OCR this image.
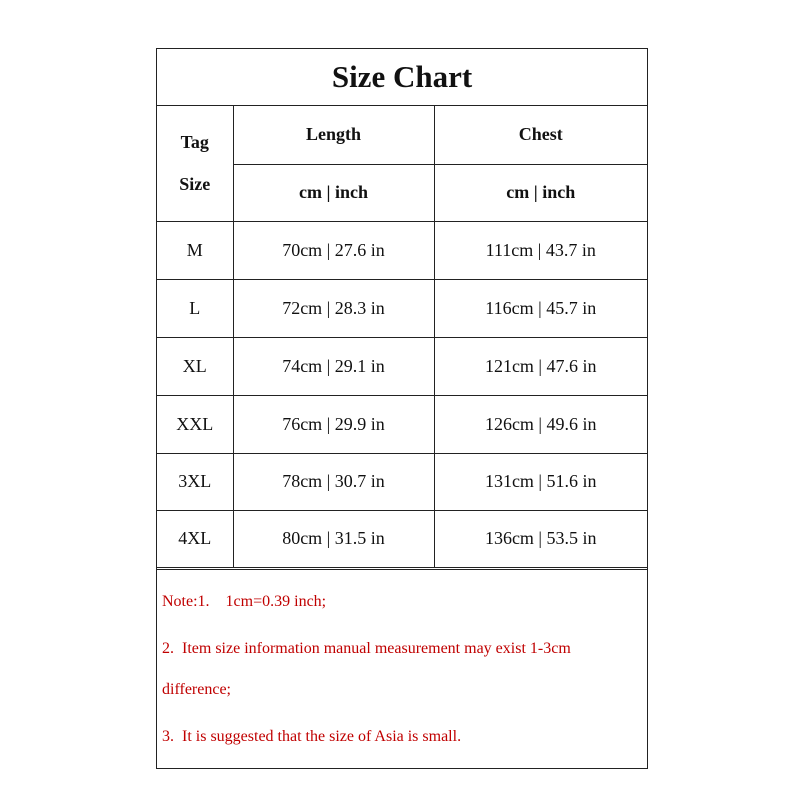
Size Chart
Tag
Size	Length	Chest
	cm | inch	cm | inch
M	70cm | 27.6 in	111cm | 43.7 in
L	72cm | 28.3 in	116cm | 45.7 in
XL	74cm | 29.1 in	121cm | 47.6 in
XXL	76cm | 29.9 in	126cm | 49.6 in
3XL	78cm | 30.7 in	131cm | 51.6 in
4XL	80cm | 31.5 in	136cm | 53.5 in
Note:1.    1cm=0.39 inch;
2.  Item size information manual measurement may exist 1-3cm
difference;
3.  It is suggested that the size of Asia is small.
